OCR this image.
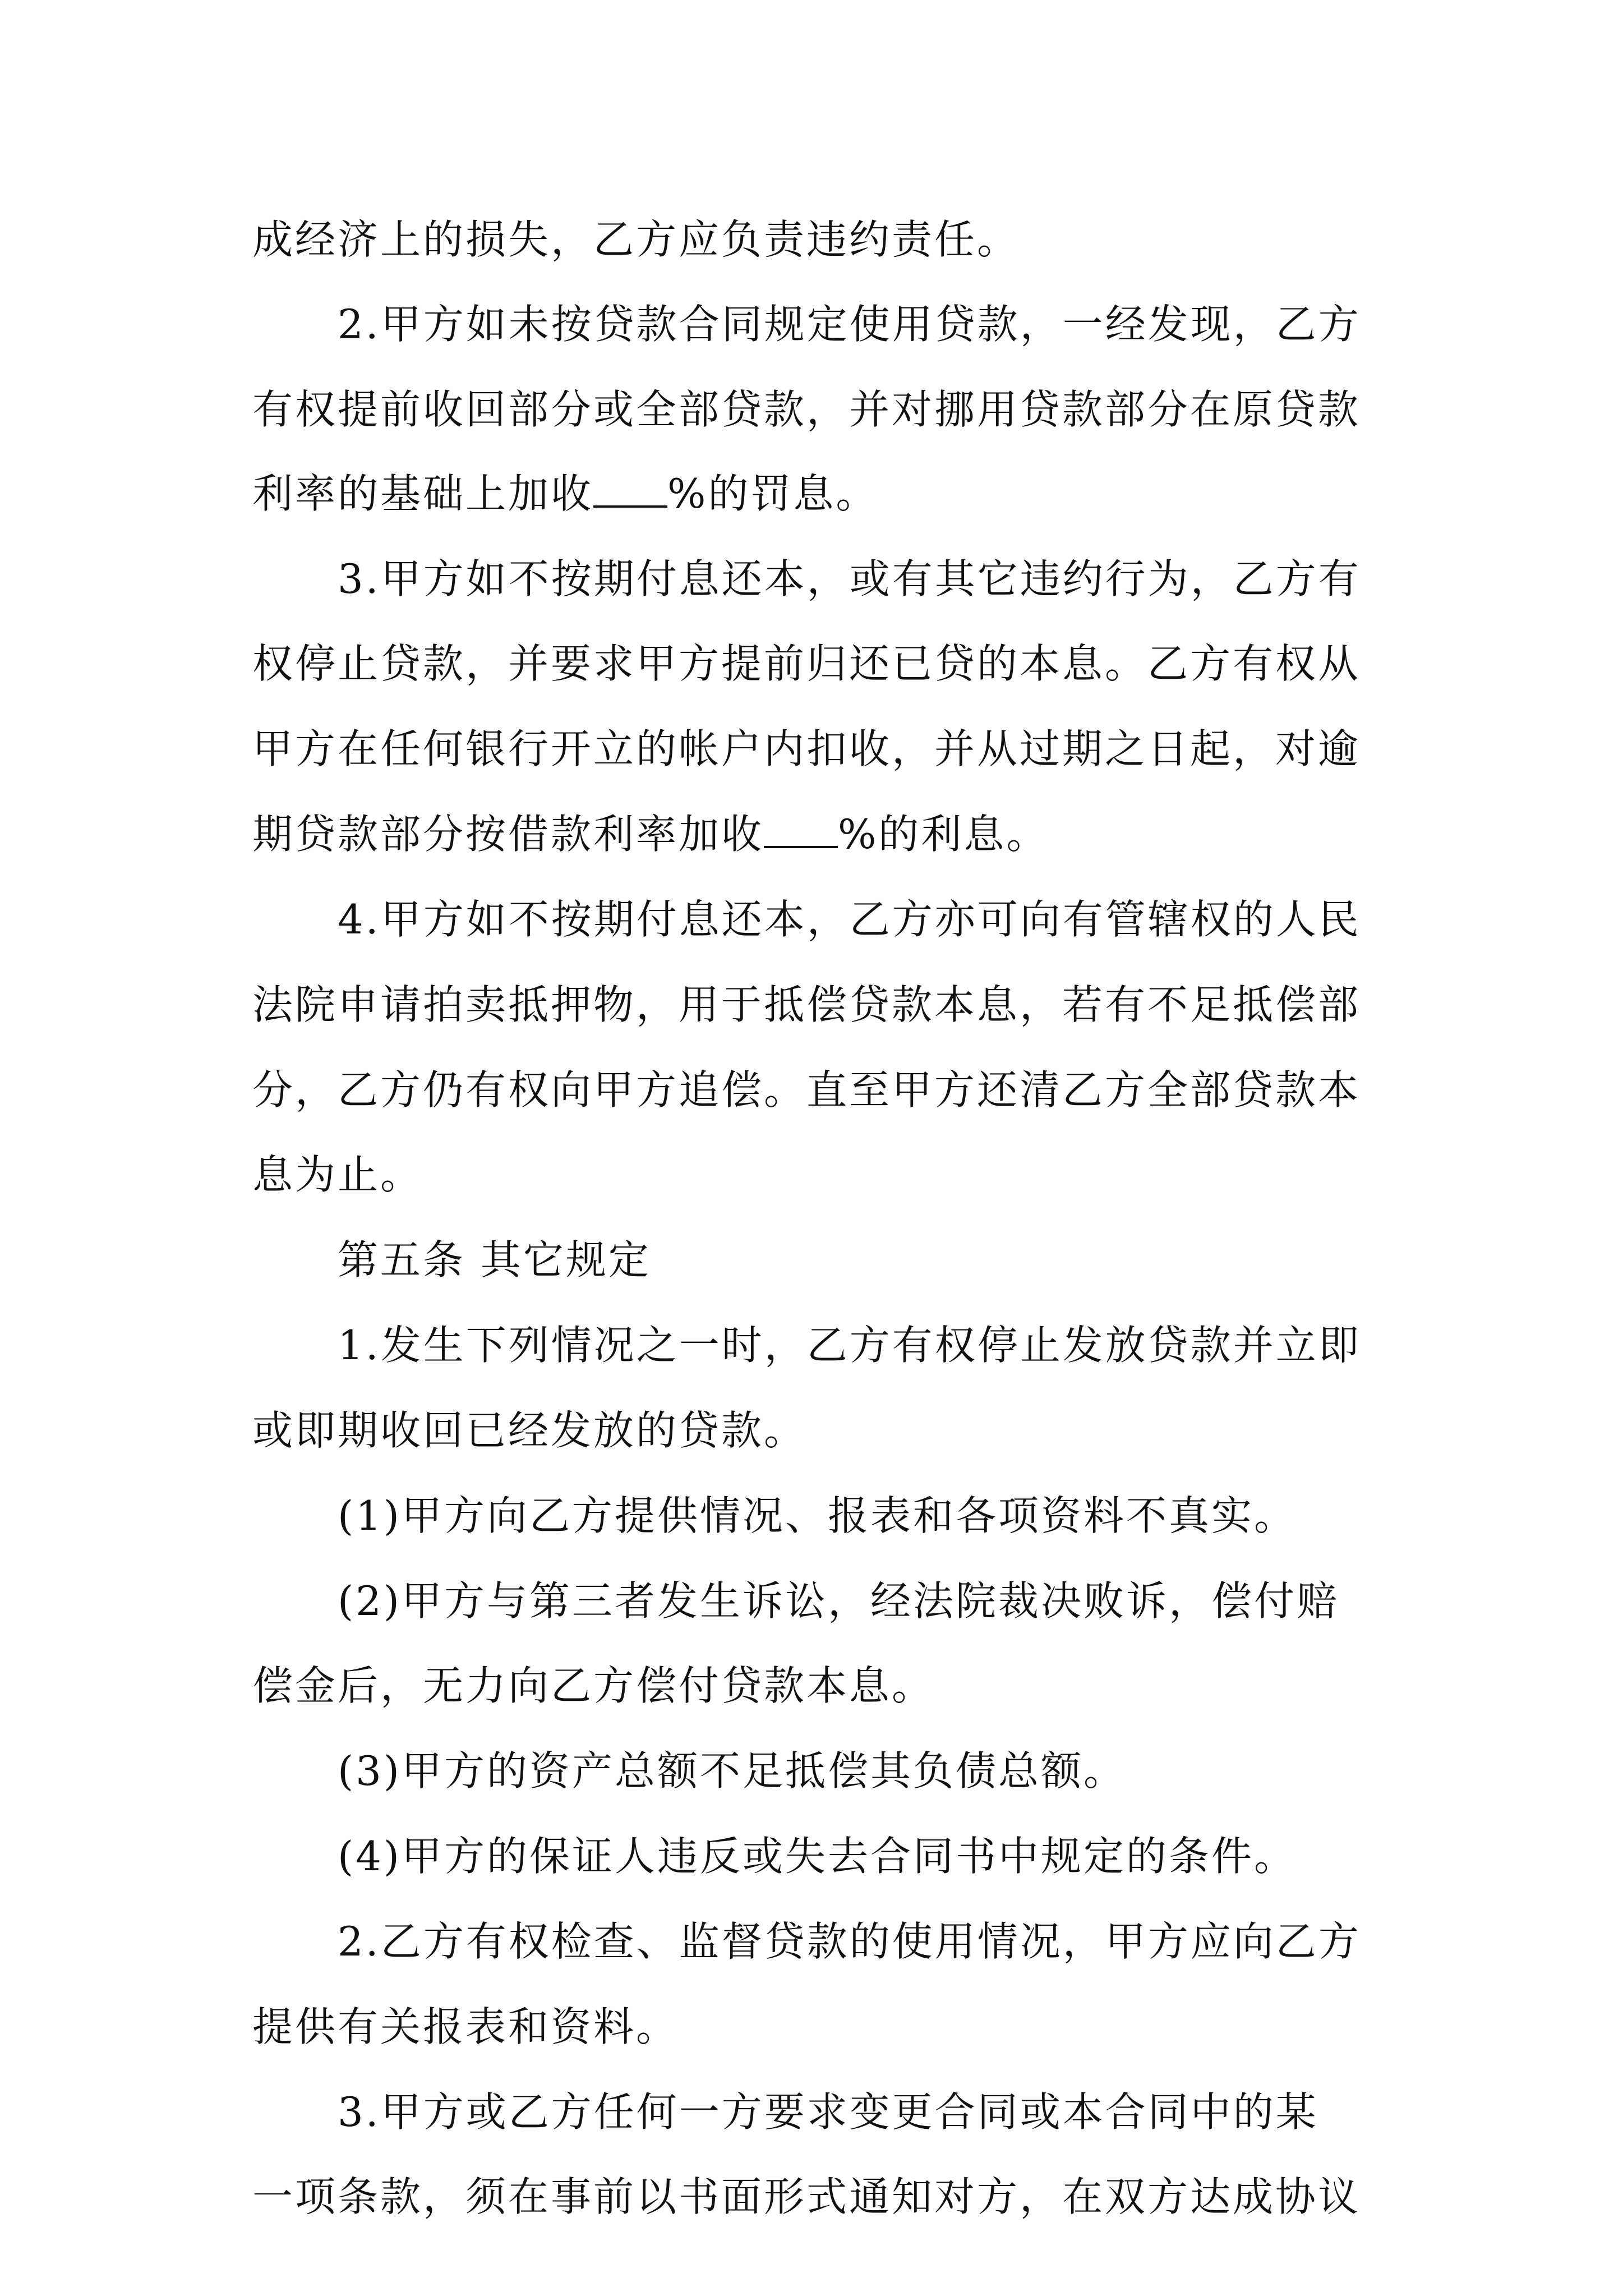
成经济上的损失，乙方应负责违约责任。
2.甲方如未按贷款合同规定使用贷款，一经发现，乙方
有权提前收回部分或全部贷款，并对挪用贷款部分在原贷款
利率的基础上加收 %的罚息。
3.甲方如不按期付息还本，或有其它违约行为，乙方有
权停止贷款，并要求甲方提前归还已贷的本息。乙方有权从
甲方在任何银行开立的帐户内扣收，并从过期之日起，对逾
期贷款部分按借款利率加收 %的利息。
4.甲方如不按期付息还本，乙方亦可向有管辖权的人民
法院申请拍卖抵押物，用于抵偿贷款本息，若有不足抵偿部
分，乙方仍有权向甲方追偿。直至甲方还清乙方全部贷款本
息为止。
第五条 其它规定
1.发生下列情况之一时，乙方有权停止发放贷款并立即
或即期收回已经发放的贷款。
(1)甲方向乙方提供情况、报表和各项资料不真实。
(2)甲方与第三者发生诉讼，经法院裁决败诉，偿付赔
偿金后，无力向乙方偿付贷款本息。
(3)甲方的资产总额不足抵偿其负债总额。
(4)甲方的保证人违反或失去合同书中规定的条件。
2.乙方有权检查、监督贷款的使用情况，甲方应向乙方
提供有关报表和资料。
3.甲方或乙方任何一方要求变更合同或本合同中的某
一项条款，须在事前以书面形式通知对方，在双方达成协议
